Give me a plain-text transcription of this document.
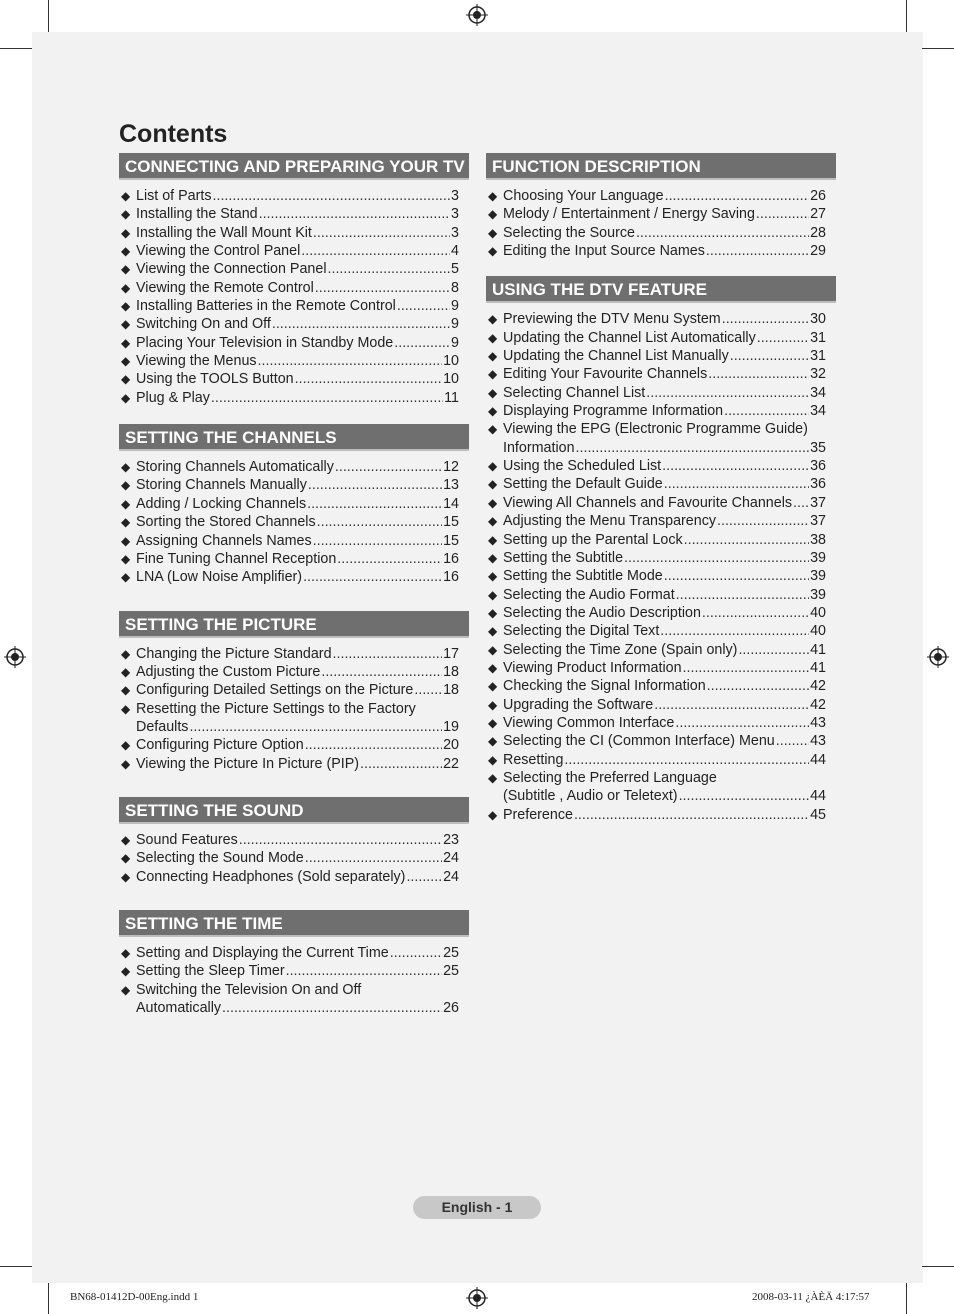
Contents
CONNECTING AND PREPARING YOUR TV
◆ List of Parts .....	3
◆ Installing the Stand .....	3
◆ Installing the Wall Mount Kit .....	3
◆ Viewing the Control Panel .....	4
◆ Viewing the Connection Panel .....	5
◆ Viewing the Remote Control .....	8
◆ Installing Batteries in the Remote Control .....	9
◆ Switching On and Off .....	9
◆ Placing Your Television in Standby Mode .....	9
◆ Viewing the Menus .....	10
◆ Using the TOOLS Button .....	10
◆ Plug & Play .....	11
SETTING THE CHANNELS
◆ Storing Channels Automatically .....	12
◆ Storing Channels Manually .....	13
◆ Adding / Locking Channels .....	14
◆ Sorting the Stored Channels .....	15
◆ Assigning Channels Names .....	15
◆ Fine Tuning Channel Reception .....	16
◆ LNA (Low Noise Amplifier) .....	16
SETTING THE PICTURE
◆ Changing the Picture Standard .....	17
◆ Adjusting the Custom Picture .....	18
◆ Configuring Detailed Settings on the Picture ..... 18
◆ Resetting the Picture Settings to the Factory
Defaults .....	19
◆ Configuring Picture Option .....	20
◆ Viewing the Picture In Picture (PIP) .....	22
SETTING THE SOUND
◆ Sound Features .....	23
◆ Selecting the Sound Mode .....	24
◆ Connecting Headphones (Sold separately) .....	24
SETTING THE TIME
◆ Setting and Displaying the Current Time .....	25
◆ Setting the Sleep Timer .....	25
◆ Switching the Television On and Off
Automatically .....	26
FUNCTION DESCRIPTION
◆ Choosing Your Language .....	26
◆ Melody / Entertainment / Energy Saving .....	27
◆ Selecting the Source .....	28
◆ Editing the Input Source Names .....	29
USING THE DTV FEATURE
◆ Previewing the DTV Menu System .....	30
◆ Updating the Channel List Automatically .....	31
◆ Updating the Channel List Manually .....	31
◆ Editing Your Favourite Channels .....	32
◆ Selecting Channel List .....	34
◆ Displaying Programme Information .....	34
◆ Viewing the EPG (Electronic Programme Guide)
Information .....	35
◆ Using the Scheduled List .....	36
◆ Setting the Default Guide .....	36
◆ Viewing All Channels and Favourite Channels ..... 37
◆ Adjusting the Menu Transparency .....	37
◆ Setting up the Parental Lock .....	38
◆ Setting the Subtitle .....	39
◆ Setting the Subtitle Mode .....	39
◆ Selecting the Audio Format .....	39
◆ Selecting the Audio Description .....	40
◆ Selecting the Digital Text .....	40
◆ Selecting the Time Zone (Spain only) .....	41
◆ Viewing Product Information .....	41
◆ Checking the Signal Information .....	42
◆ Upgrading the Software .....	42
◆ Viewing Common Interface .....	43
◆ Selecting the CI (Common Interface) Menu ..... 43
◆ Resetting .....	44
◆ Selecting the Preferred Language
(Subtitle , Audio or Teletext) .....	44
◆ Preference .....	45
English - 1
BN68-01412D-00Eng.indd 1	2008-03-11 ¿ÀÈÄ 4:17:57
